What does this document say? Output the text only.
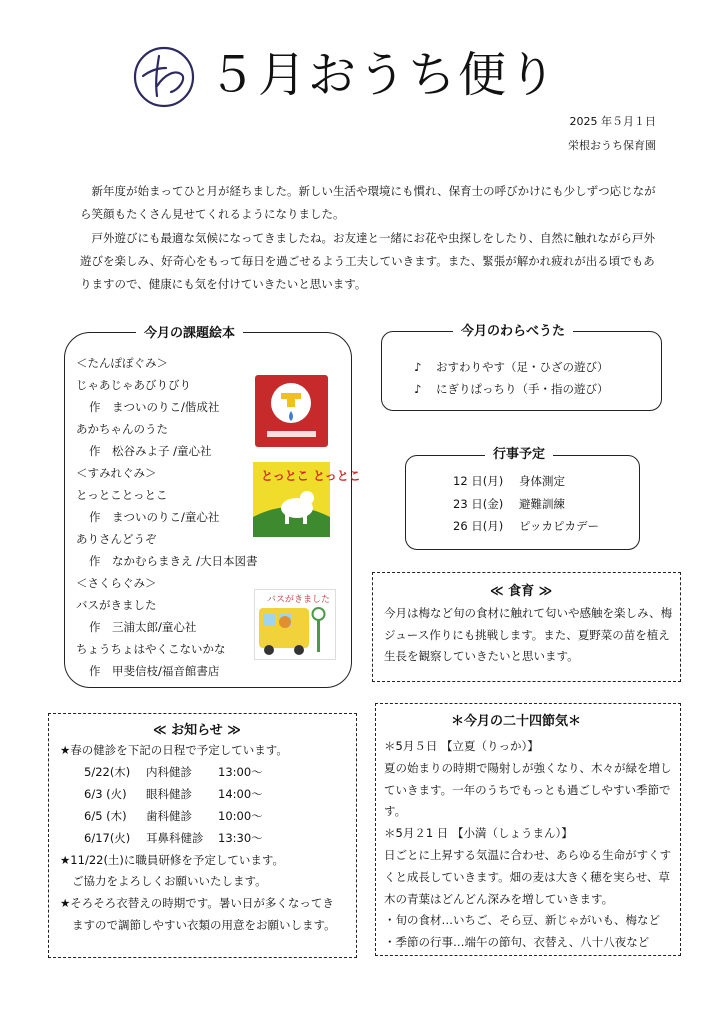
５月おうち便り
2025 年５月１日
栄根おうち保育園

新年度が始まってひと月が経ちました。新しい生活や環境にも慣れ、保育士の呼びかけにも少しずつ応じながら笑顔もたくさん見せてくれるようになりました。

戸外遊びにも最適な気候になってきましたね。お友達と一緒にお花や虫探しをしたり、自然に触れながら戸外遊びを楽しみ、好奇心をもって毎日を過ごせるよう工夫していきます。また、緊張が解かれ疲れが出る頃でもありますので、健康にも気を付けていきたいと思います。

今月の課題絵本
＜たんぽぽぐみ＞
じゃあじゃあびりびり
作　まついのりこ/偕成社
あかちゃんのうた
作　松谷みよ子 /童心社
＜すみれぐみ＞
とっとことっとこ
作　まついのりこ/童心社
ありさんどうぞ
作　なかむらまきえ /大日本図書
＜さくらぐみ＞
バスがきました
作　三浦太郎/童心社
ちょうちょはやくこないかな
作　甲斐信枝/福音館書店
とっとこ とっとこ
バスがきました
今月のわらべうた
♪ おすわりやす（足・ひざの遊び）
♪ にぎりぱっちり（手・指の遊び）
行事予定
12 日(月) 身体測定
23 日(金) 避難訓練
26 日(月) ピッカピカデー
≪ 食育 ≫
今月は梅など旬の食材に触れて匂いや感触を楽しみ、梅ジュース作りにも挑戦します。また、夏野菜の苗を植え生長を観察していきたいと思います。
≪ お知らせ ≫
★春の健診を下記の日程で予定しています。
5/22(木)	内科健診	13:00〜
6/3 (火)	眼科健診	14:00〜
6/5 (木)	歯科健診	10:00〜
6/17(火)	耳鼻科健診	13:30〜
★11/22(土)に職員研修を予定しています。
ご協力をよろしくお願いいたします。
★そろそろ衣替えの時期です。暑い日が多くなってき
ますので調節しやすい衣類の用意をお願いします。
＊今月の二十四節気＊
＊5月５日 【立夏（りっか）】
夏の始まりの時期で陽射しが強くなり、木々が緑を増していきます。一年のうちでもっとも過ごしやすい季節です。
＊5月２1 日 【小満（しょうまん）】
日ごとに上昇する気温に合わせ、あらゆる生命がすくすくと成長していきます。畑の麦は大きく穂を実らせ、草木の青葉はどんどん深みを増していきます。
・旬の食材…いちご、そら豆、新じゃがいも、梅など
・季節の行事…端午の節句、衣替え、八十八夜など
